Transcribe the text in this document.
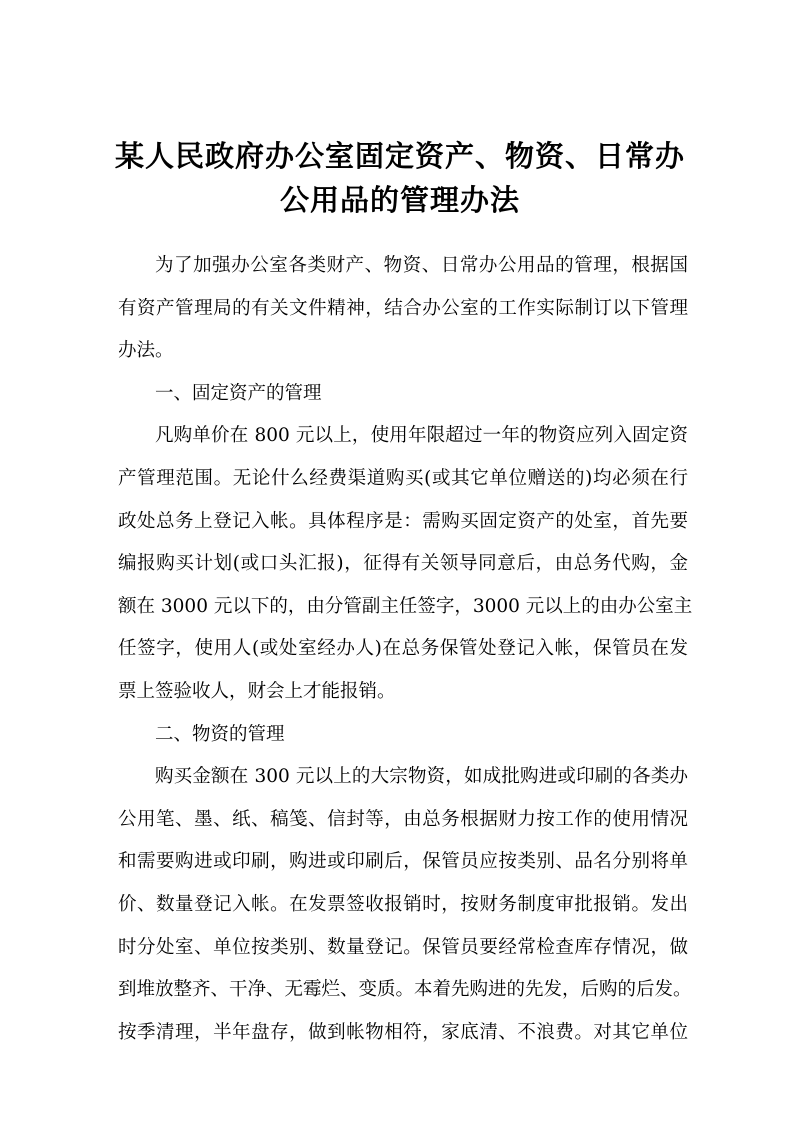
某人民政府办公室固定资产、物资、日常办
公用品的管理办法
为了加强办公室各类财产、物资、日常办公用品的管理，根据国
有资产管理局的有关文件精神，结合办公室的工作实际制订以下管理
办法。
一、固定资产的管理
凡购单价在 800 元以上，使用年限超过一年的物资应列入固定资
产管理范围。无论什么经费渠道购买(或其它单位赠送的)均必须在行
政处总务上登记入帐。具体程序是：需购买固定资产的处室，首先要
编报购买计划(或口头汇报)，征得有关领导同意后，由总务代购，金
额在 3000 元以下的，由分管副主任签字，3000 元以上的由办公室主
任签字，使用人(或处室经办人)在总务保管处登记入帐，保管员在发
票上签验收人，财会上才能报销。
二、物资的管理
购买金额在 300 元以上的大宗物资，如成批购进或印刷的各类办
公用笔、墨、纸、稿笺、信封等，由总务根据财力按工作的使用情况
和需要购进或印刷，购进或印刷后，保管员应按类别、品名分别将单
价、数量登记入帐。在发票签收报销时，按财务制度审批报销。发出
时分处室、单位按类别、数量登记。保管员要经常检查库存情况，做
到堆放整齐、干净、无霉烂、变质。本着先购进的先发，后购的后发。
按季清理，半年盘存，做到帐物相符，家底清、不浪费。对其它单位
